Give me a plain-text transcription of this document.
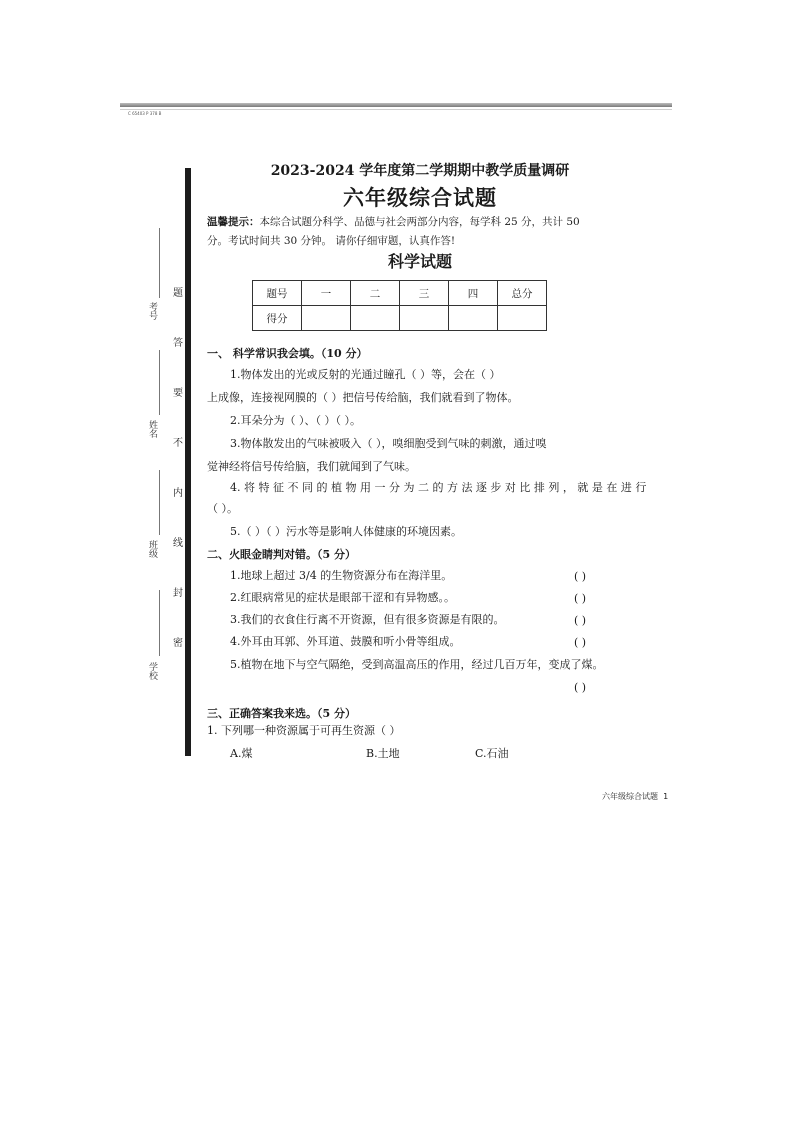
C 65403 P 378 B
考号
姓名
班级
学校
题
答
要
不
内
线
封
密
2023-2024 学年度第二学期期中教学质量调研
六年级综合试题
温馨提示：本综合试题分科学、品德与社会两部分内容，每学科 25 分，共计 50
分。考试时间共 30 分钟。 请你仔细审题，认真作答!
科学试题
题号	一	二	三	四	总分
得分					
一、 科学常识我会填。（10 分）
1.物体发出的光或反射的光通过瞳孔（ ）等，会在（ ）
上成像，连接视网膜的（ ）把信号传给脑，我们就看到了物体。
2.耳朵分为（ ）、（ ）（ ）。
3.物体散发出的气味被吸入（ ），嗅细胞受到气味的刺激，通过嗅
觉神经将信号传给脑，我们就闻到了气味。
4. 将 特 征 不 同 的 植 物 用 一 分 为 二 的 方 法 逐 步 对 比 排 列 ， 就 是 在 进 行
（ ）。
5.（ ）（ ）污水等是影响人体健康的环境因素。
二、火眼金睛判对错。（5 分）
1.地球上超过 3/4 的生物资源分布在海洋里。	( )
2.红眼病常见的症状是眼部干涩和有异物感。。	( )
3.我们的衣食住行离不开资源，但有很多资源是有限的。	( )
4.外耳由耳郭、外耳道、鼓膜和听小骨等组成。	( )
5.植物在地下与空气隔绝，受到高温高压的作用，经过几百万年，变成了煤。
( )
三、正确答案我来选。（5 分）
1. 下列哪一种资源属于可再生资源（ ）
A.煤	B.土地	C.石油
六年级综合试题 1
